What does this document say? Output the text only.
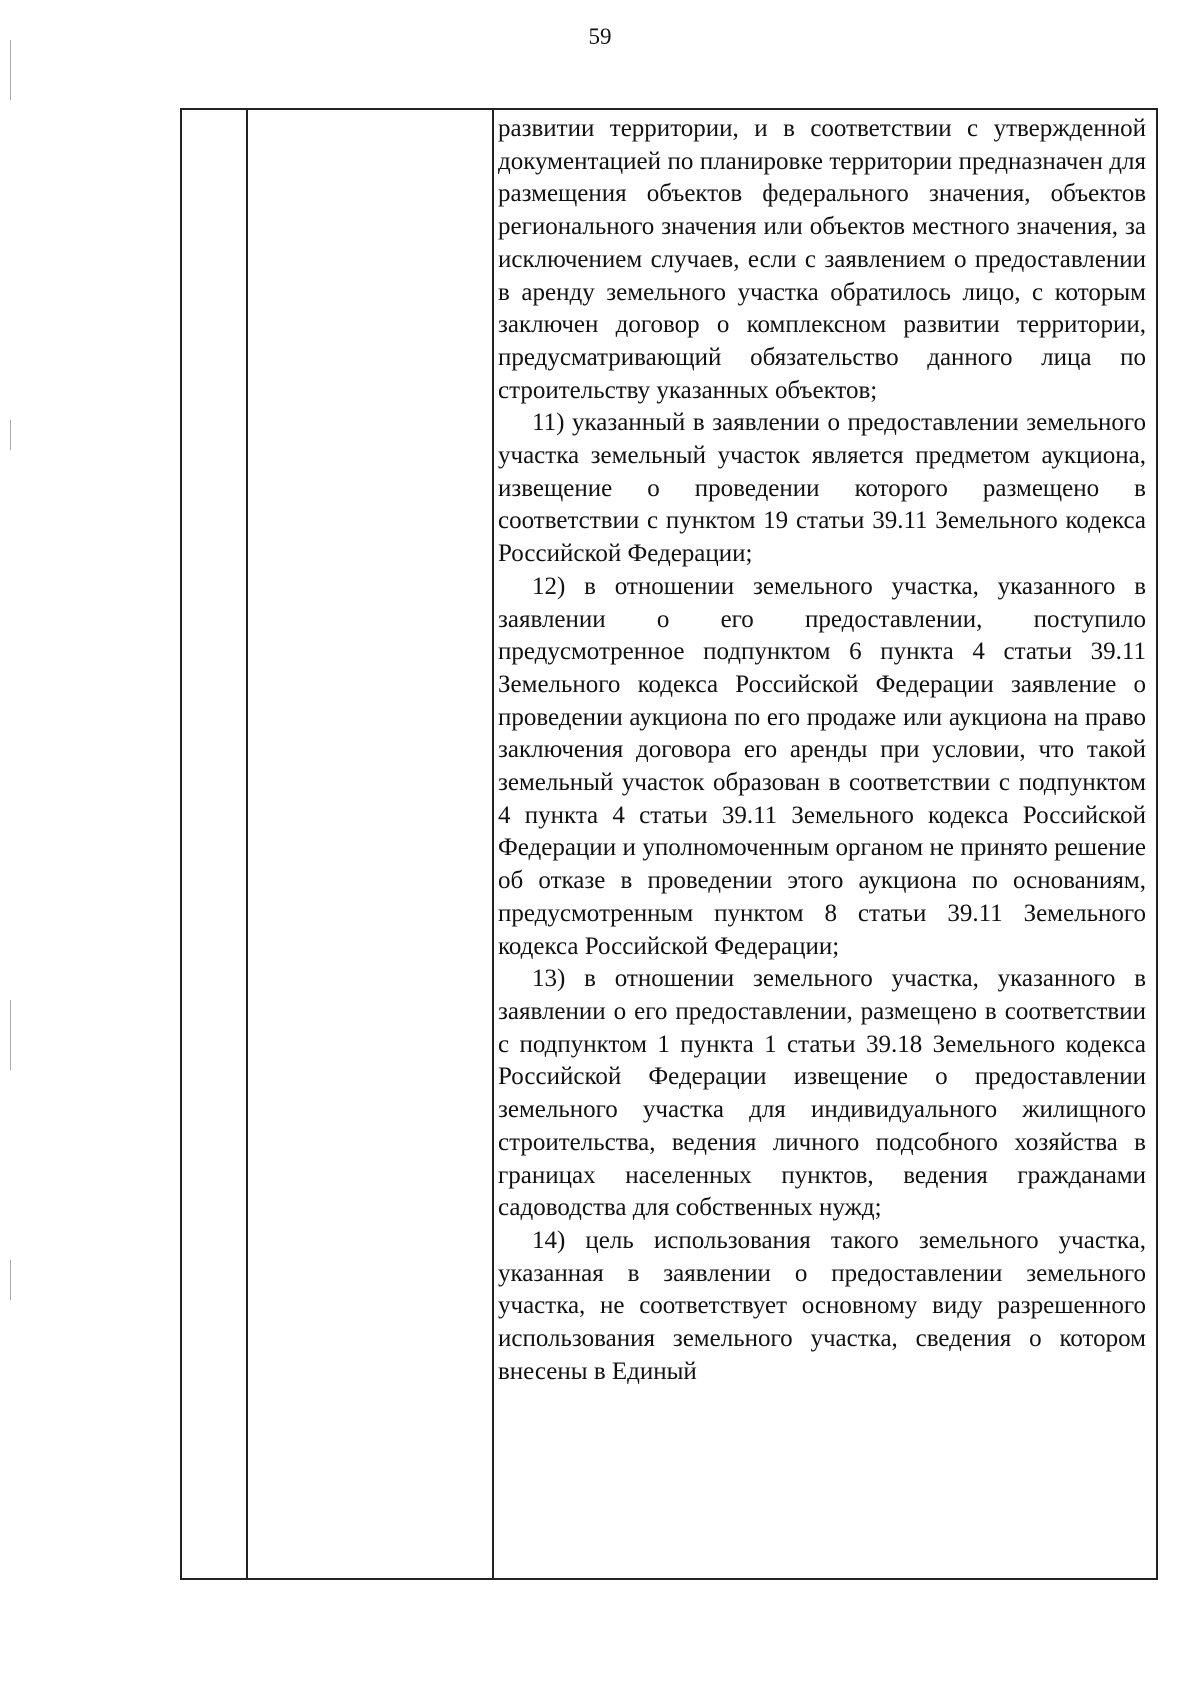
59

развитии территории, и в соответствии с утвержденной документацией по планировке территории предназначен для размещения объектов федерального значения, объектов регионального значения или объектов местного значения, за исключением случаев, если с заявлением о предоставлении в аренду земельного участка обратилось лицо, с которым заключен договор о комплексном развитии территории, предусматривающий обязательство данного лица по строительству указанных объектов;

11) указанный в заявлении о предоставлении земельного участка земельный участок является предметом аукциона, извещение о проведении которого размещено в соответствии с пунктом 19 статьи 39.11 Земельного кодекса Российской Федерации;

12) в отношении земельного участка, указанного в заявлении о его предоставлении, поступило предусмотренное подпунктом 6 пункта 4 статьи 39.11 Земельного кодекса Российской Федерации заявление о проведении аукциона по его продаже или аукциона на право заключения договора его аренды при условии, что такой земельный участок образован в соответствии с подпунктом 4 пункта 4 статьи 39.11 Земельного кодекса Российской Федерации и уполномоченным органом не принято решение об отказе в проведении этого аукциона по основаниям, предусмотренным пунктом 8 статьи 39.11 Земельного кодекса Российской Федерации;

13) в отношении земельного участка, указанного в заявлении о его предоставлении, размещено в соответствии с подпунктом 1 пункта 1 статьи 39.18 Земельного кодекса Российской Федерации извещение о предоставлении земельного участка для индивидуального жилищного строительства, ведения личного подсобного хозяйства в границах населенных пунктов, ведения гражданами садоводства для собственных нужд;

14) цель использования такого земельного участка, указанная в заявлении о предоставлении земельного участка, не соответствует основному виду разрешенного использования земельного участка, сведения о котором внесены в Единый
